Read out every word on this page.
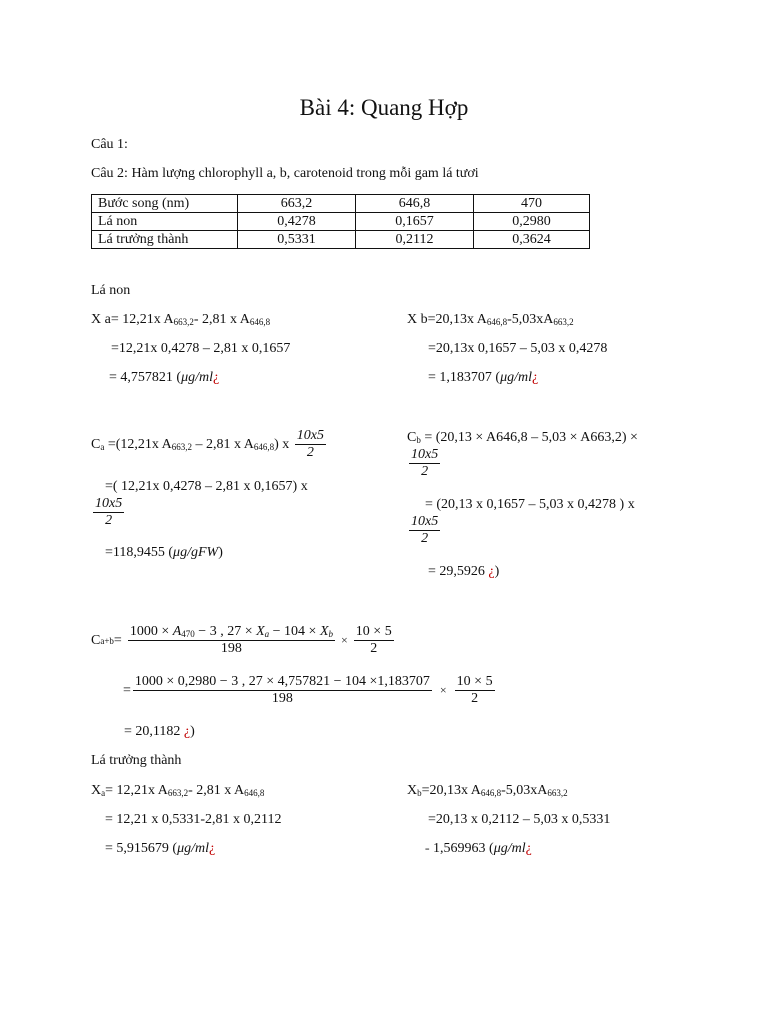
Bài 4: Quang Hợp
Câu 1:
Câu 2: Hàm lượng chlorophyll a, b, carotenoid trong mỗi gam lá tươi
Bước song (nm)	663,2	646,8	470
Lá non	0,4278	0,1657	0,2980
Lá trưởng thành	0,5331	0,2112	0,3624
Lá non
X a= 12,21x $A_{663,2}-$ 2,81 x $A_{646,8}$
=12,21x 0,4278 – 2,81 x 0,1657
= 4,757821 (μg/ml¿
X b=20,13x $A_{646,8}-5,03xA_{663,2}$
=20,13x 0,1657 – 5,03 x 0,4278
= 1,183707 (μg/ml¿
$C_a =(12,21x$ $A_{663,2} - 2,81$ x $A_{646,8}$) x $\frac{10x5}{2}$
=( 12,21x 0,4278 – 2,81 x 0,1657) x
$\frac{10x5}{2}$
=118,9455 (μg/gFW)
$C_b = (20,13 \times A646,8 - 5,03 \times A663,2)$ ×
$\frac{10x5}{2}$
= (20,13 x 0,1657 – 5,03 x 0,4278 ) x
$\frac{10x5}{2}$
= 29,5926 ¿)
C $a+b = \frac{1000 \times A_{470} - 3 , 27 \times X_a - 104 \times X_b}{198} \times \frac{10 \times 5}{2}$
= $\frac{1000 \times 0,2980 - 3 , 27 \times 4,757821 - 104 \times 1,183707}{198} \times \frac{10 \times 5}{2}$
= 20,1182 ¿)
Lá trưởng thành
$X_a= 12,21x$ $A_{663,2}-$ 2,81 x $A_{646,8}$
= 12,21 x 0,5331-2,81 x 0,2112
= 5,915679 (μg/ml¿
$X_b=20,13x$ $A_{646,8}-5,03xA_{663,2}$
=20,13 x 0,2112 – 5,03 x 0,5331
= 1,569963 (μg/ml¿
